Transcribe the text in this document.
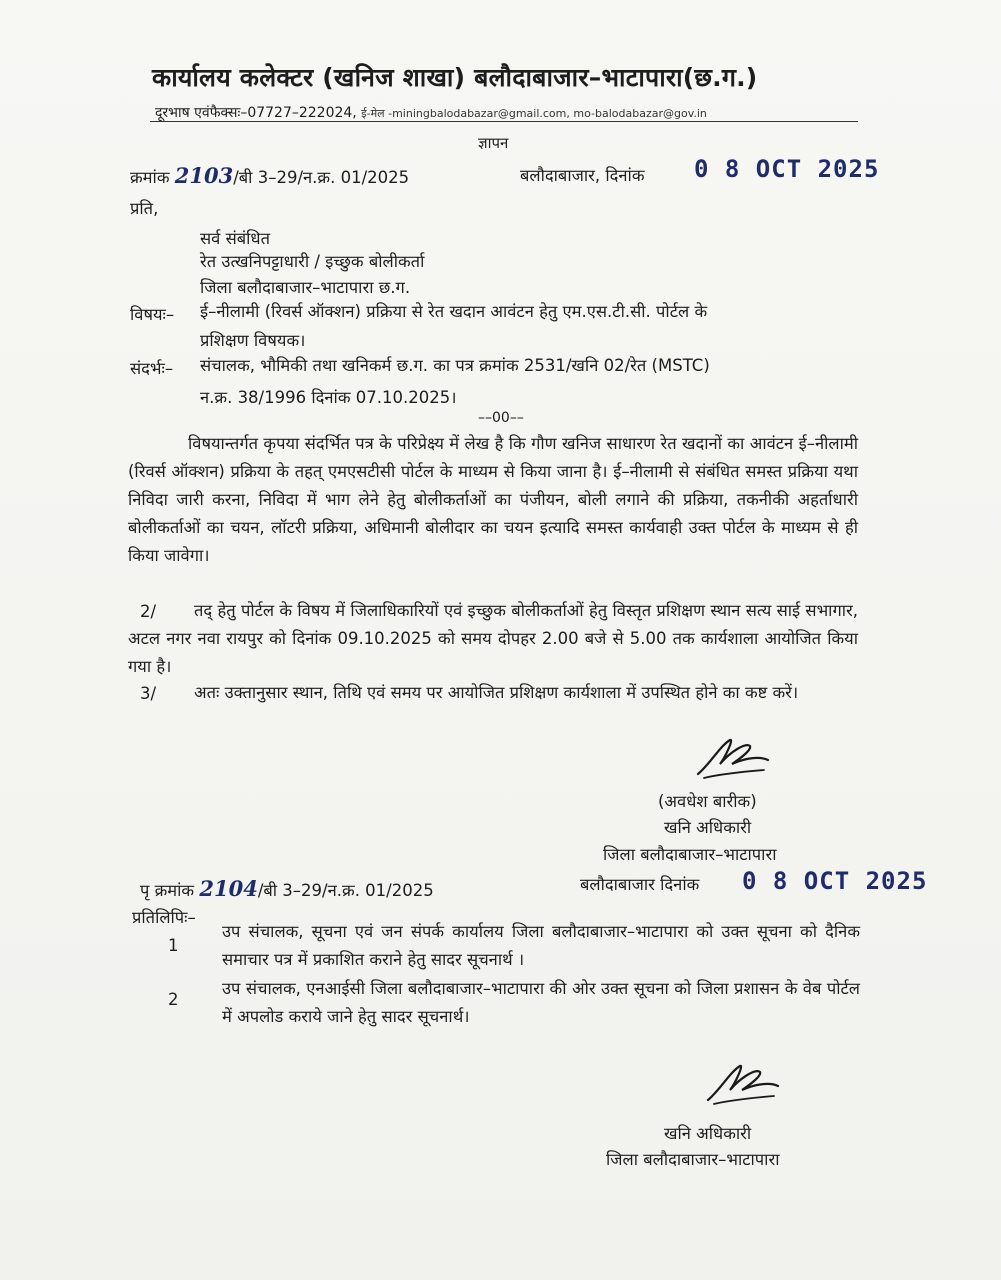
कार्यालय कलेक्टर (खनिज शाखा) बलौदाबाजार–भाटापारा(छ.ग.)
दूरभाष एवंफैक्सः–07727–222024, ई-मेल -miningbalodabazar@gmail.com, mo-balodabazar@gov.in
ज्ञापन
क्रमांक 2103/बी 3–29/न.क्र. 01/2025	बलौदाबाजार, दिनांक 0 8 OCT 2025
प्रति,
सर्व संबंधित
रेत उत्खनिपट्टाधारी / इच्छुक बोलीकर्ता
जिला बलौदाबाजार–भाटापारा छ.ग.
विषयः– ई–नीलामी (रिवर्स ऑक्शन) प्रक्रिया से रेत खदान आवंटन हेतु एम.एस.टी.सी. पोर्टल के
प्रशिक्षण विषयक।
संदर्भः– संचालक, भौमिकी तथा खनिकर्म छ.ग. का पत्र क्रमांक 2531/खनि 02/रेत (MSTC)
न.क्र. 38/1996 दिनांक 07.10.2025।
––00––
विषयान्तर्गत कृपया संदर्भित पत्र के परिप्रेक्ष्य में लेख है कि गौण खनिज साधारण रेत खदानों का आवंटन ई–नीलामी (रिवर्स ऑक्शन) प्रक्रिया के तहत् एमएसटीसी पोर्टल के माध्यम से किया जाना है। ई–नीलामी से संबंधित समस्त प्रक्रिया यथा निविदा जारी करना, निविदा में भाग लेने हेतु बोलीकर्ताओं का पंजीयन, बोली लगाने की प्रक्रिया, तकनीकी अहर्ताधारी बोलीकर्ताओं का चयन, लॉटरी प्रक्रिया, अधिमानी बोलीदार का चयन इत्यादि समस्त कार्यवाही उक्त पोर्टल के माध्यम से ही किया जावेगा।
2/	तद् हेतु पोर्टल के विषय में जिलाधिकारियों एवं इच्छुक बोलीकर्ताओं हेतु विस्तृत प्रशिक्षण स्थान सत्य साई सभागार, अटल नगर नवा रायपुर को दिनांक 09.10.2025 को समय दोपहर 2.00 बजे से 5.00 तक कार्यशाला आयोजित किया गया है।
3/	अतः उक्तानुसार स्थान, तिथि एवं समय पर आयोजित प्रशिक्षण कार्यशाला में उपस्थित होने का कष्ट करें।
(अवधेश बारीक)
खनि अधिकारी
जिला बलौदाबाजार–भाटापारा
पृ क्रमांक 2104/बी 3–29/न.क्र. 01/2025	बलौदाबाजार दिनांक 0 8 OCT 2025
प्रतिलिपिः–
1
उप संचालक, सूचना एवं जन संपर्क कार्यालय जिला बलौदाबाजार–भाटापारा को उक्त सूचना को दैनिक समाचार पत्र में प्रकाशित कराने हेतु सादर सूचनार्थ ।
2
उप संचालक, एनआईसी जिला बलौदाबाजार–भाटापारा की ओर उक्त सूचना को जिला प्रशासन के वेब पोर्टल में अपलोड कराये जाने हेतु सादर सूचनार्थ।
खनि अधिकारी
जिला बलौदाबाजार–भाटापारा
